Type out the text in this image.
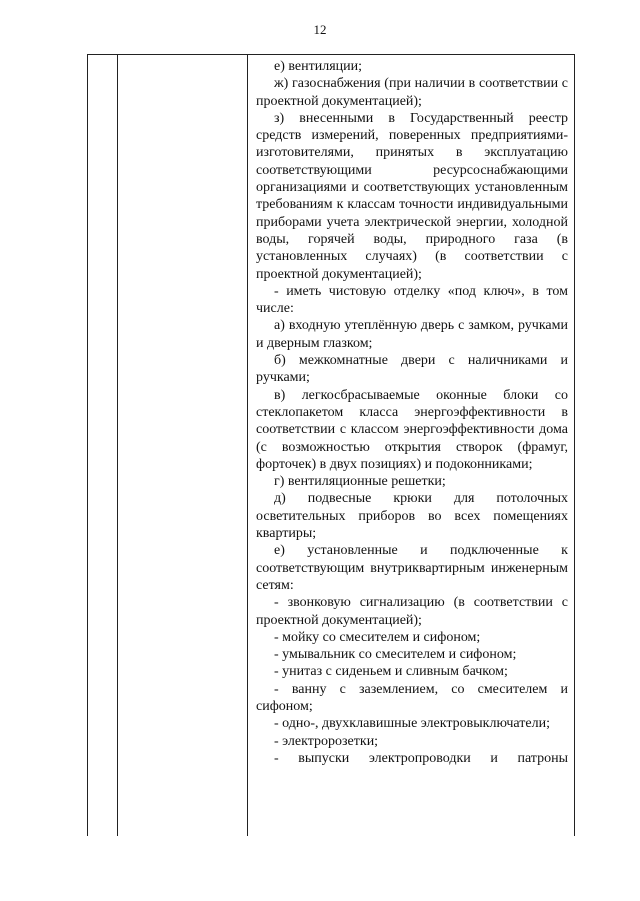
12

е) вентиляции;

ж) газоснабжения (при наличии в соответствии с проектной документацией);

з) внесенными в Государственный реестр средств измерений, поверенных предприятиями-изготовителями, принятых в эксплуатацию соответствующими ресурсоснабжающими организациями и соответствующих установленным требованиям к классам точности индивидуальными приборами учета электрической энергии, холодной воды, горячей воды, природного газа (в установленных случаях) (в соответствии с проектной документацией);

- иметь чистовую отделку «под ключ», в том числе:

а) входную утеплённую дверь с замком, ручками и дверным глазком;

б) межкомнатные двери с наличниками и ручками;

в) легкосбрасываемые оконные блоки со стеклопакетом класса энергоэффективности в соответствии с классом энергоэффективности дома (с возможностью открытия створок (фрамуг, форточек) в двух позициях) и подоконниками;

г) вентиляционные решетки;

д) подвесные крюки для потолочных осветительных приборов во всех помещениях квартиры;

е) установленные и подключенные к соответствующим внутриквартирным инженерным сетям:

- звонковую сигнализацию (в соответствии с проектной документацией);

- мойку со смесителем и сифоном;

- умывальник со смесителем и сифоном;

- унитаз с сиденьем и сливным бачком;

- ванну с заземлением, со смесителем и сифоном;

- одно-, двухклавишные электровыключатели;

- электророзетки;

- выпуски электропроводки и патроны
